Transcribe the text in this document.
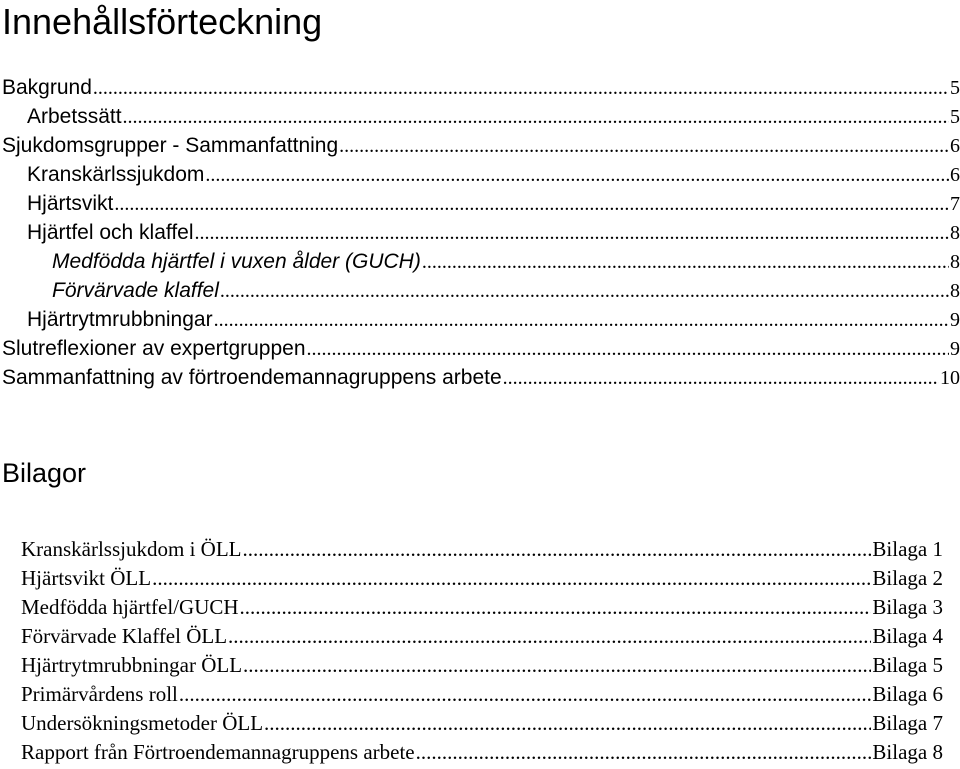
Innehållsförteckning
Bakgrund .....	5
Arbetssätt .....	5
Sjukdomsgrupper - Sammanfattning .....	6
Kranskärlssjukdom .....	6
Hjärtsvikt .....	7
Hjärtfel och klaffel .....	8
Medfödda hjärtfel i vuxen ålder (GUCH) .....	8
Förvärvade klaffel .....	8
Hjärtrytmrubbningar .....	9
Slutreflexioner av expertgruppen .....	9
Sammanfattning av förtroendemannagruppens arbete .....	10
Bilagor
Kranskärlssjukdom i ÖLL .....	Bilaga 1
Hjärtsvikt ÖLL .....	Bilaga 2
Medfödda hjärtfel/GUCH .....	Bilaga 3
Förvärvade Klaffel ÖLL .....	Bilaga 4
Hjärtrytmrubbningar ÖLL .....	Bilaga 5
Primärvårdens roll .....	Bilaga 6
Undersökningsmetoder ÖLL .....	Bilaga 7
Rapport från Förtroendemannagruppens arbete .....	Bilaga 8
